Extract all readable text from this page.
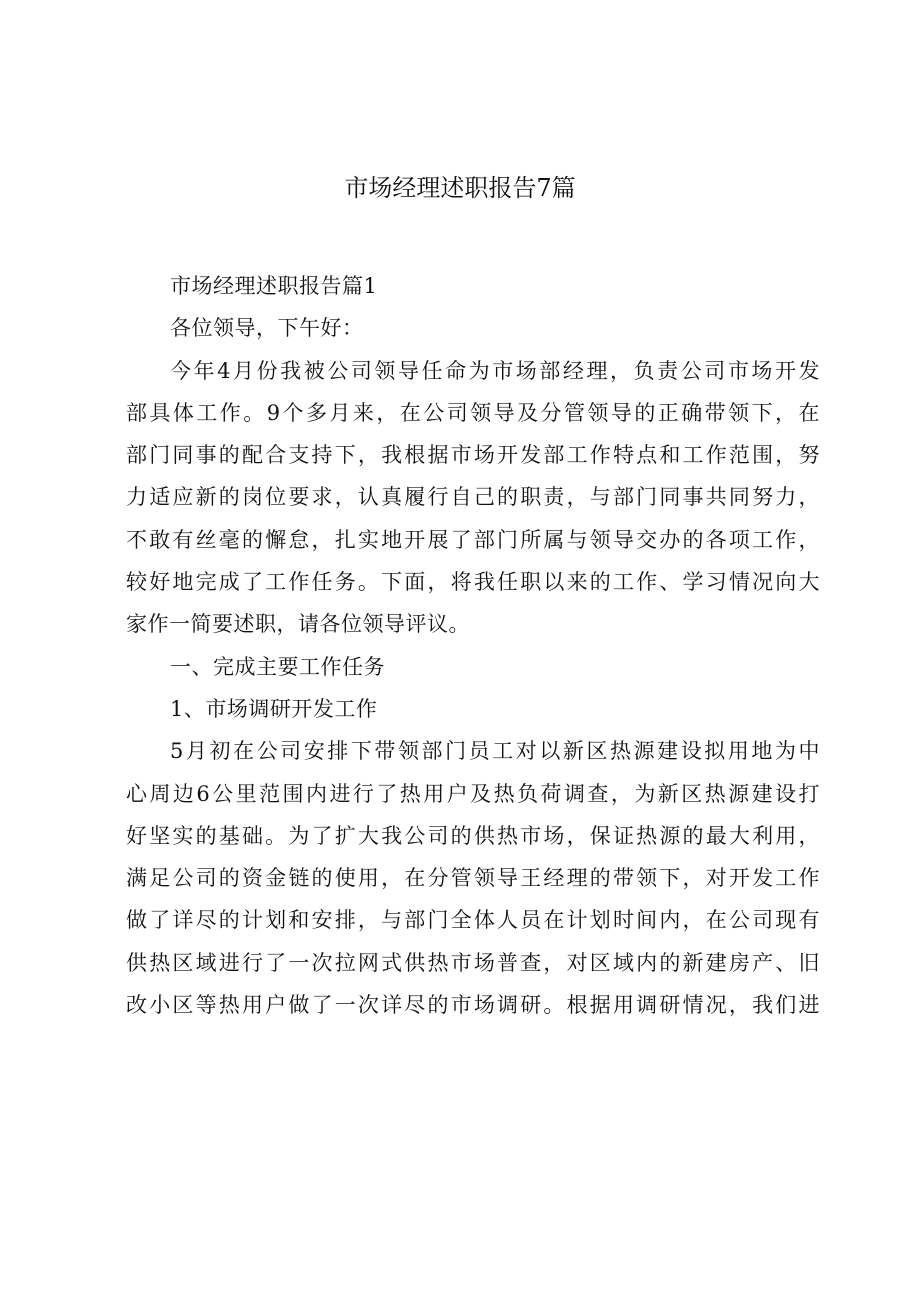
市场经理述职报告7篇
市场经理述职报告篇1
各位领导，下午好：
今年4月份我被公司领导任命为市场部经理，负责公司市场开发
部具体工作。9个多月来，在公司领导及分管领导的正确带领下，在
部门同事的配合支持下，我根据市场开发部工作特点和工作范围，努
力适应新的岗位要求，认真履行自己的职责，与部门同事共同努力，
不敢有丝毫的懈怠，扎实地开展了部门所属与领导交办的各项工作，
较好地完成了工作任务。下面，将我任职以来的工作、学习情况向大
家作一简要述职，请各位领导评议。
一、完成主要工作任务
1、市场调研开发工作
5月初在公司安排下带领部门员工对以新区热源建设拟用地为中
心周边6公里范围内进行了热用户及热负荷调查，为新区热源建设打
好坚实的基础。为了扩大我公司的供热市场，保证热源的最大利用，
满足公司的资金链的使用，在分管领导王经理的带领下，对开发工作
做了详尽的计划和安排，与部门全体人员在计划时间内，在公司现有
供热区域进行了一次拉网式供热市场普查，对区域内的新建房产、旧
改小区等热用户做了一次详尽的市场调研。根据用调研情况，我们进
